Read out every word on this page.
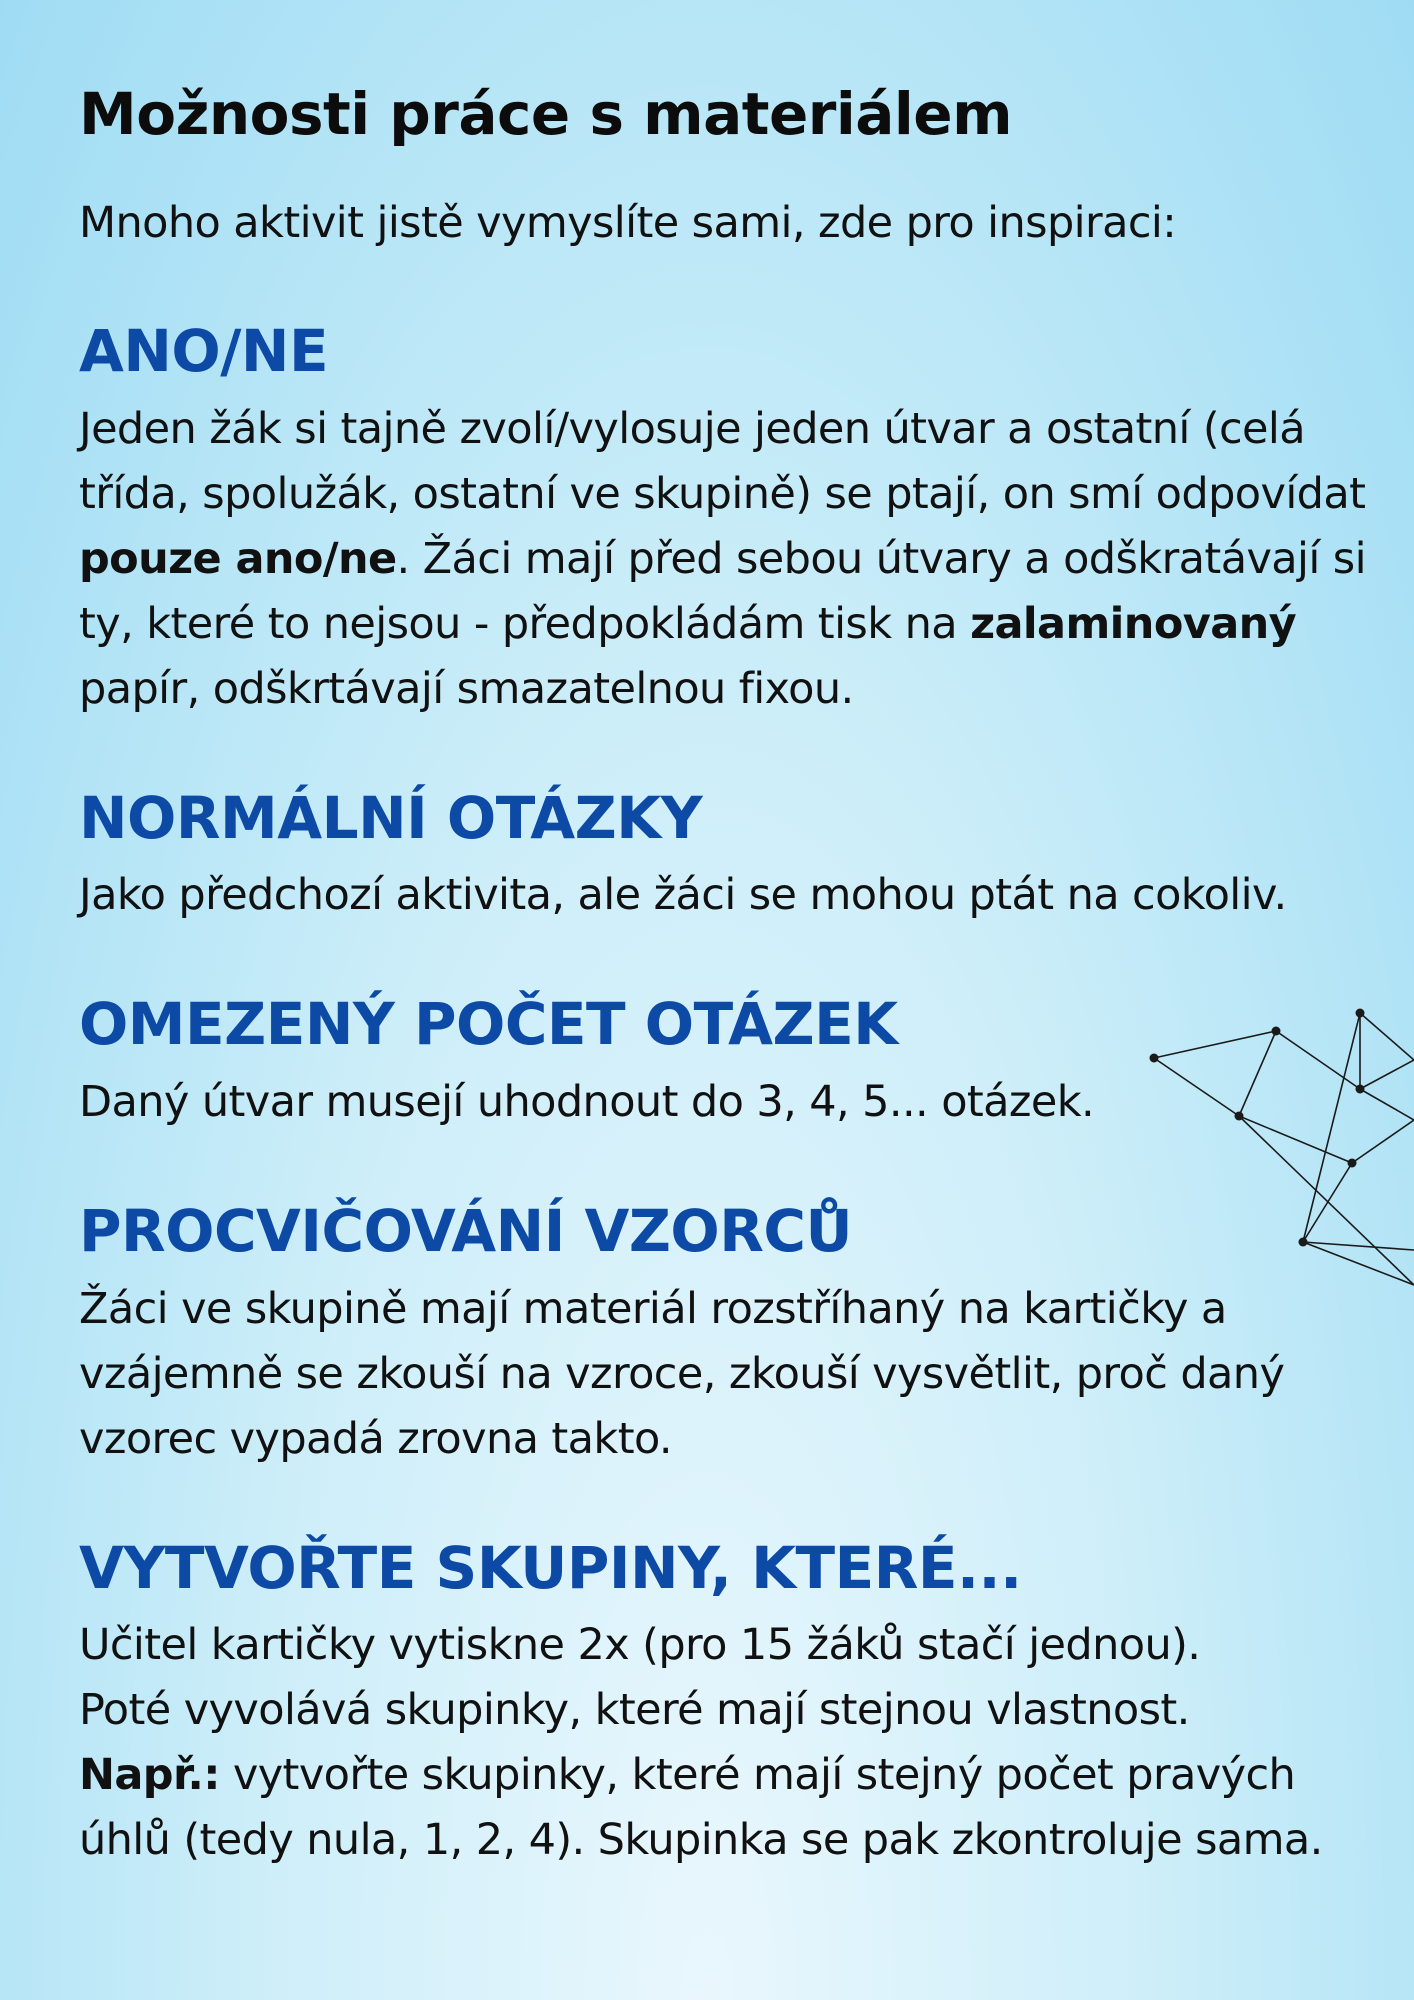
Možnosti práce s materiálem

Mnoho aktivit jistě vymyslíte sami, zde pro inspiraci:

ANO/NE

Jeden žák si tajně zvolí/vylosuje jeden útvar a ostatní (celá třída, spolužák, ostatní ve skupině) se ptají, on smí odpovídat pouze ano/ne. Žáci mají před sebou útvary a odškratávají si ty, které to nejsou - předpokládám tisk na zalaminovaný papír, odškrtávají smazatelnou fixou.

NORMÁLNÍ OTÁZKY

Jako předchozí aktivita, ale žáci se mohou ptát na cokoliv.

OMEZENÝ POČET OTÁZEK

Daný útvar musejí uhodnout do 3, 4, 5... otázek.

PROCVIČOVÁNÍ VZORCŮ

Žáci ve skupině mají materiál rozstříhaný na kartičky a vzájemně se zkouší na vzroce, zkouší vysvětlit, proč daný vzorec vypadá zrovna takto.

VYTVOŘTE SKUPINY, KTERÉ...

Učitel kartičky vytiskne 2x (pro 15 žáků stačí jednou).
Poté vyvolává skupinky, které mají stejnou vlastnost.
Např.: vytvořte skupinky, které mají stejný počet pravých úhlů (tedy nula, 1, 2, 4). Skupinka se pak zkontroluje sama.
